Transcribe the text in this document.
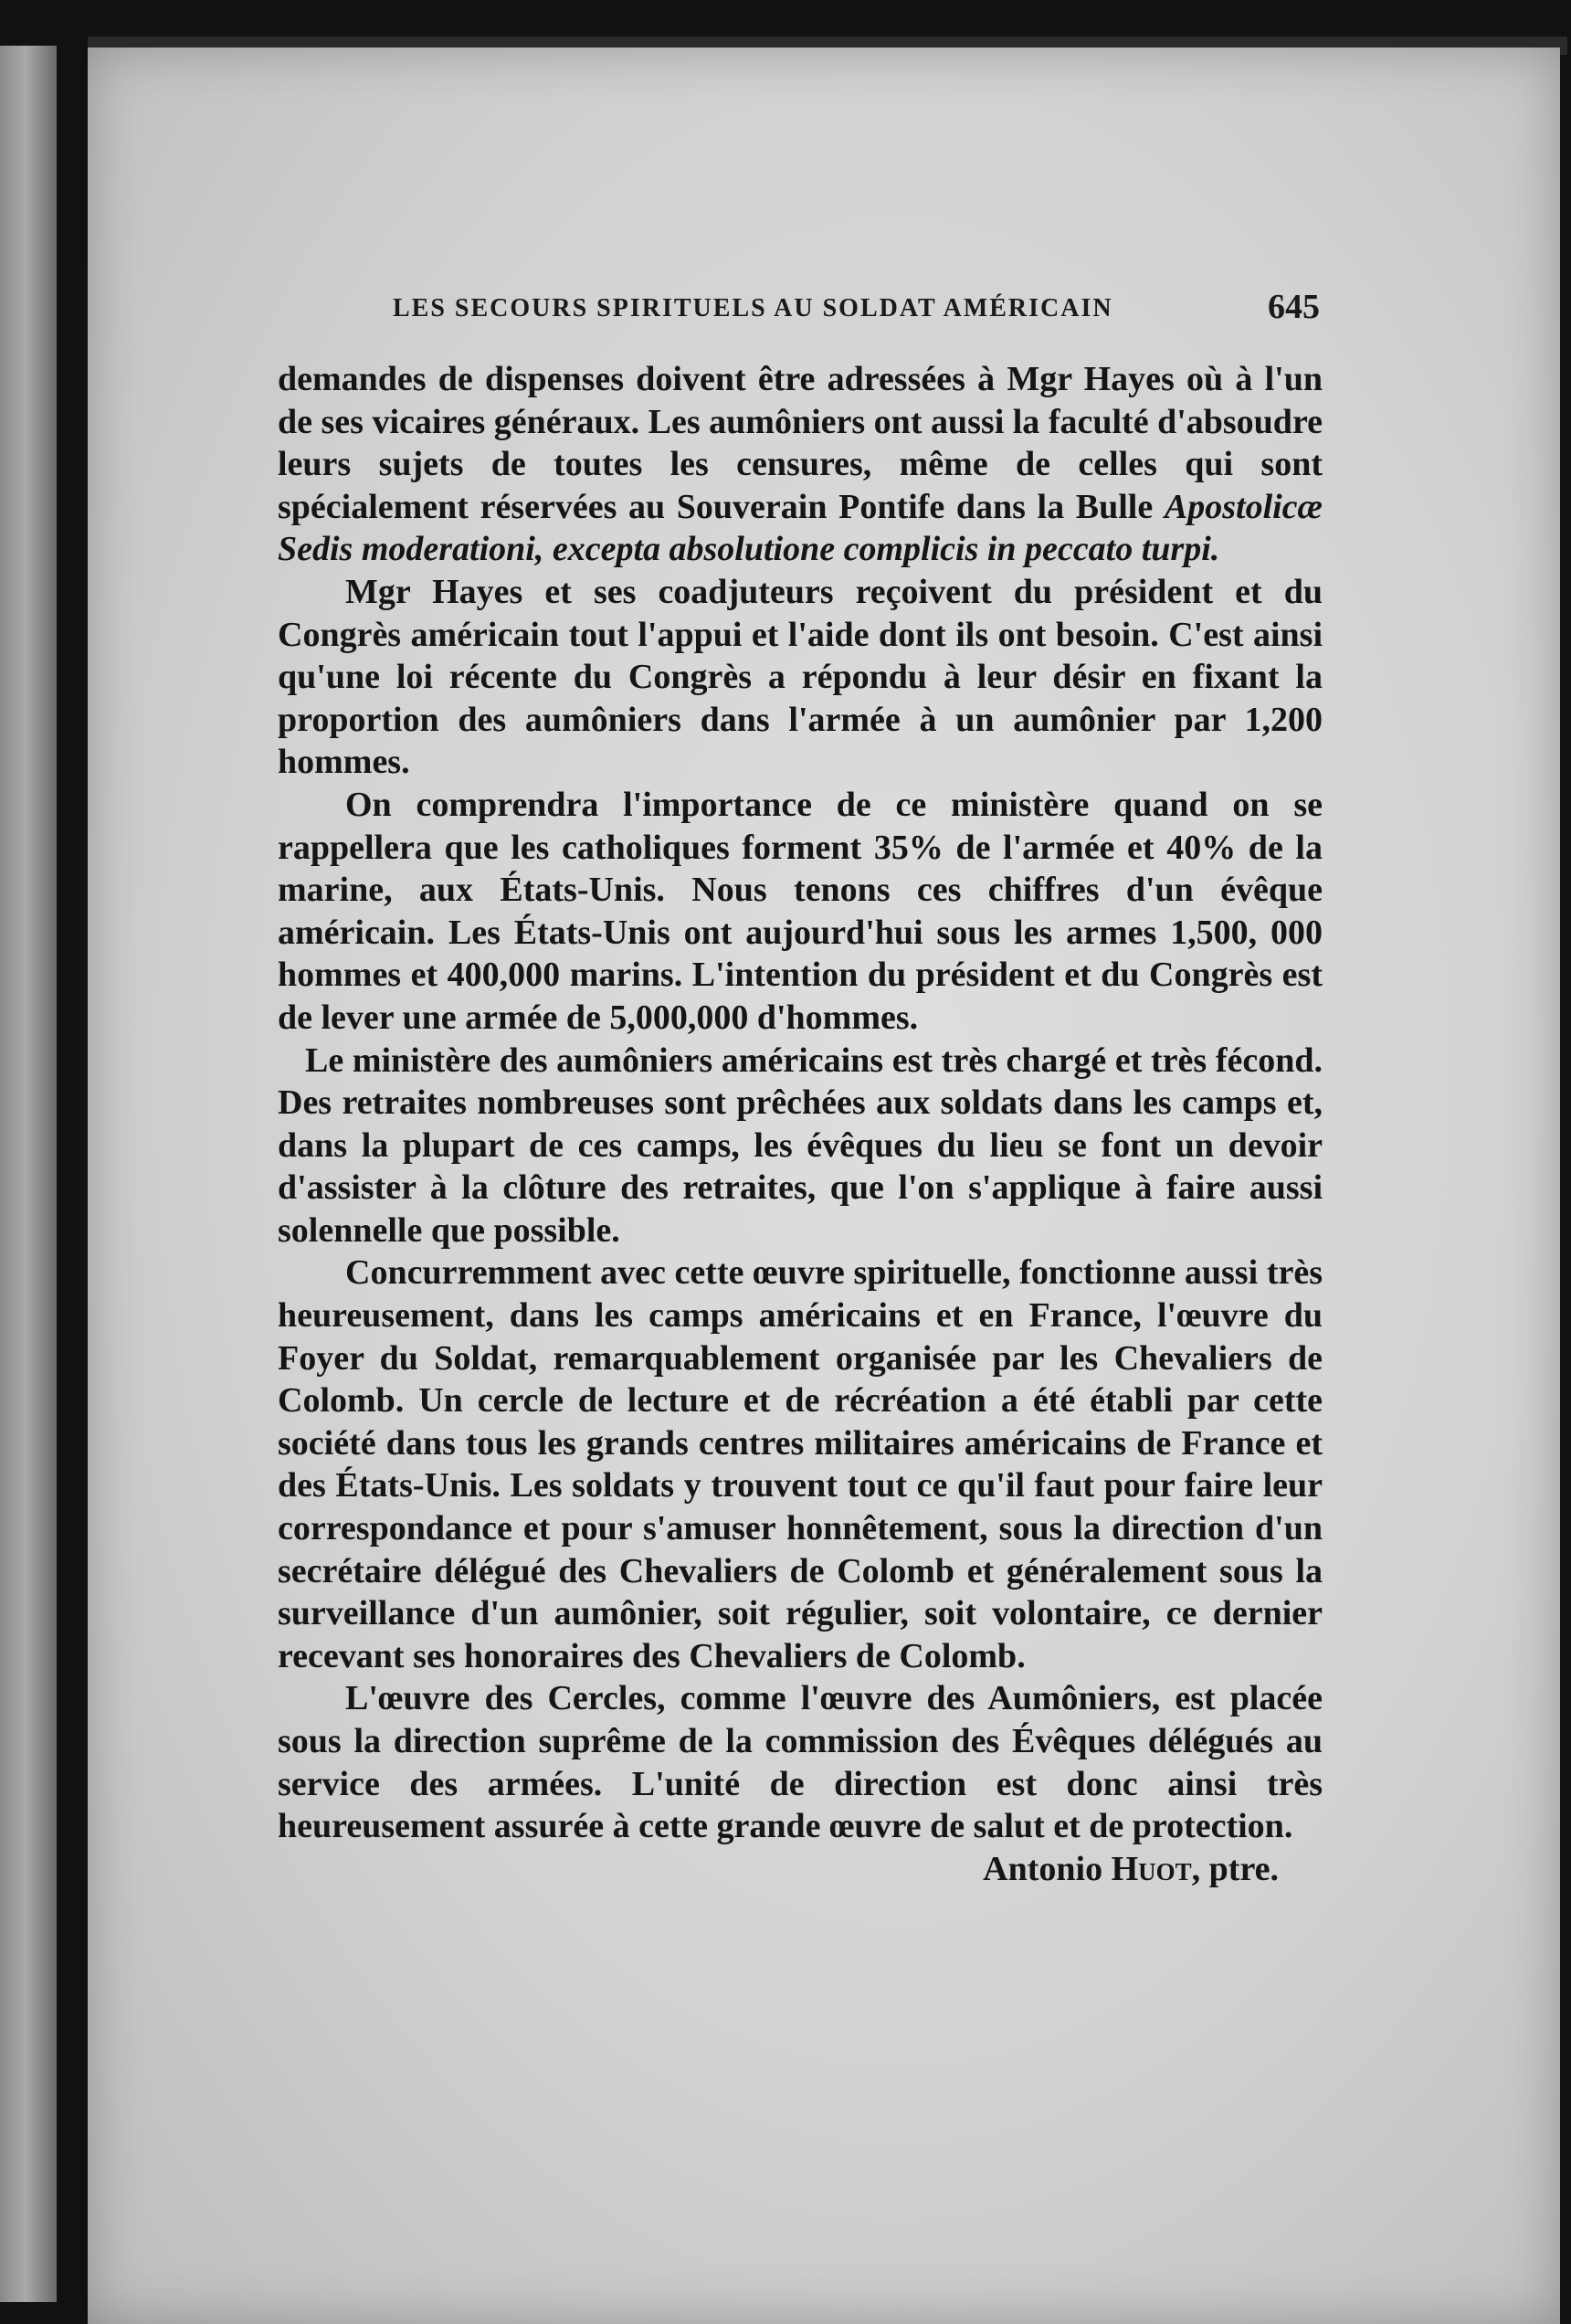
LES SECOURS SPIRITUELS AU SOLDAT AMÉRICAIN	645

demandes de dispenses doivent être adressées à Mgr Hayes où à l'un de ses vicaires généraux. Les aumôniers ont aussi la faculté d'absoudre leurs sujets de toutes les censures, même de celles qui sont spécialement réservées au Souverain Pontife dans la Bulle Apostolicæ Sedis moderationi, excepta absolutione complicis in peccato turpi.

Mgr Hayes et ses coadjuteurs reçoivent du président et du Congrès américain tout l'appui et l'aide dont ils ont besoin. C'est ainsi qu'une loi récente du Congrès a répondu à leur désir en fixant la proportion des aumôniers dans l'armée à un aumônier par 1,200 hommes.

On comprendra l'importance de ce ministère quand on se rappellera que les catholiques forment 35% de l'armée et 40% de la marine, aux États-Unis. Nous tenons ces chiffres d'un évêque américain. Les États-Unis ont aujourd'hui sous les armes 1,500, 000 hommes et 400,000 marins. L'intention du président et du Congrès est de lever une armée de 5,000,000 d'hommes.

Le ministère des aumôniers américains est très chargé et très fécond. Des retraites nombreuses sont prêchées aux soldats dans les camps et, dans la plupart de ces camps, les évêques du lieu se font un devoir d'assister à la clôture des retraites, que l'on s'applique à faire aussi solennelle que possible.

Concurremment avec cette œuvre spirituelle, fonctionne aussi très heureusement, dans les camps américains et en France, l'œuvre du Foyer du Soldat, remarquablement organisée par les Chevaliers de Colomb. Un cercle de lecture et de récréation a été établi par cette société dans tous les grands centres militaires américains de France et des États-Unis. Les soldats y trouvent tout ce qu'il faut pour faire leur correspondance et pour s'amuser honnêtement, sous la direction d'un secrétaire délégué des Chevaliers de Colomb et généralement sous la surveillance d'un aumônier, soit régulier, soit volontaire, ce dernier recevant ses honoraires des Chevaliers de Colomb.

L'œuvre des Cercles, comme l'œuvre des Aumôniers, est placée sous la direction suprême de la commission des Évêques délégués au service des armées. L'unité de direction est donc ainsi très heureusement assurée à cette grande œuvre de salut et de protection.

Antonio Huot, ptre.
